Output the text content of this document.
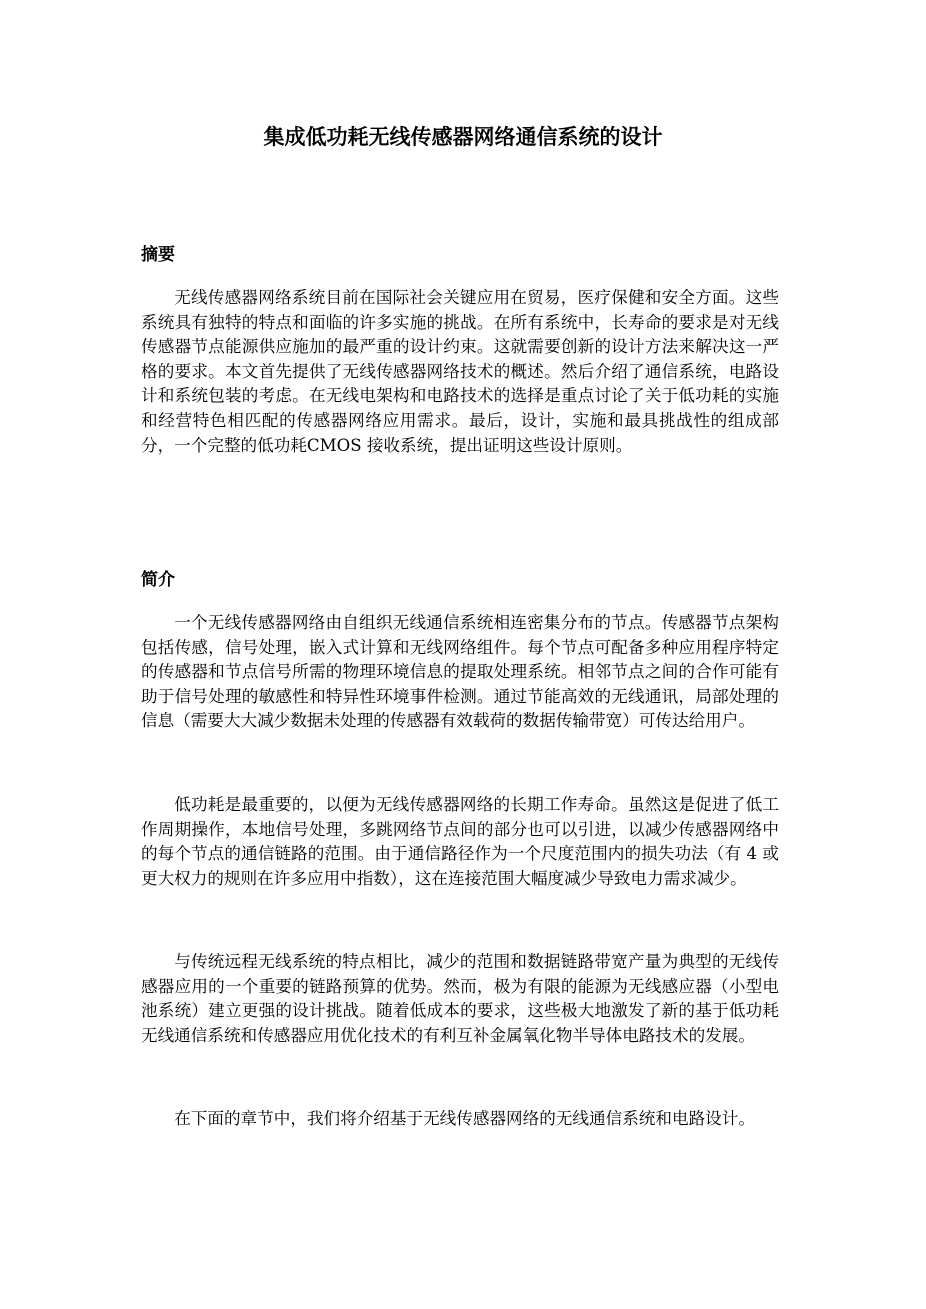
集成低功耗无线传感器网络通信系统的设计
摘要

无线传感器网络系统目前在国际社会关键应用在贸易，医疗保健和安全方面。这些系统具有独特的特点和面临的许多实施的挑战。在所有系统中，长寿命的要求是对无线传感器节点能源供应施加的最严重的设计约束。这就需要创新的设计方法来解决这一严格的要求。本文首先提供了无线传感器网络技术的概述。然后介绍了通信系统，电路设计和系统包装的考虑。在无线电架构和电路技术的选择是重点讨论了关于低功耗的实施和经营特色相匹配的传感器网络应用需求。最后，设计，实施和最具挑战性的组成部分，一个完整的低功耗CMOS 接收系统，提出证明这些设计原则。

简介

一个无线传感器网络由自组织无线通信系统相连密集分布的节点。传感器节点架构包括传感，信号处理，嵌入式计算和无线网络组件。每个节点可配备多种应用程序特定的传感器和节点信号所需的物理环境信息的提取处理系统。相邻节点之间的合作可能有助于信号处理的敏感性和特异性环境事件检测。通过节能高效的无线通讯，局部处理的信息（需要大大减少数据未处理的传感器有效载荷的数据传输带宽）可传达给用户。

低功耗是最重要的，以便为无线传感器网络的长期工作寿命。虽然这是促进了低工作周期操作，本地信号处理，多跳网络节点间的部分也可以引进，以减少传感器网络中的每个节点的通信链路的范围。由于通信路径作为一个尺度范围内的损失功法（有 4 或更大权力的规则在许多应用中指数），这在连接范围大幅度减少导致电力需求减少。

与传统远程无线系统的特点相比，减少的范围和数据链路带宽产量为典型的无线传感器应用的一个重要的链路预算的优势。然而，极为有限的能源为无线感应器（小型电池系统）建立更强的设计挑战。随着低成本的要求，这些极大地激发了新的基于低功耗无线通信系统和传感器应用优化技术的有利互补金属氧化物半导体电路技术的发展。

在下面的章节中，我们将介绍基于无线传感器网络的无线通信系统和电路设计。
